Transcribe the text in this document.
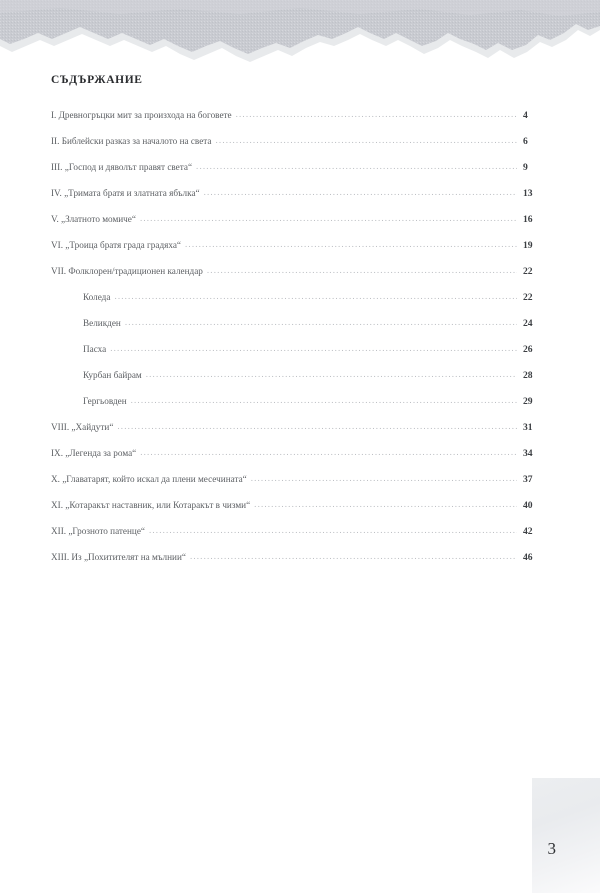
СЪДЪРЖАНИЕ
I. Древногръцки мит за произхода на боговете .....	4
II. Библейски разказ за началото на света .....	6
III. „Господ и дяволът правят света“ .....	9
IV. „Тримата братя и златната ябълка“ .....	13
V. „Златното момиче“ .....	16
VI. „Троица братя града градяха“ .....	19
VII. Фолклорен/традиционен календар .....	22
Коледа .....	22
Великден .....	24
Пасха .....	26
Курбан байрам .....	28
Гергьовден .....	29
VIII. „Хайдути“ .....	31
IX. „Легенда за рома“ .....	34
X. „Главатарят, който искал да плени месечината“ .....	37
XI. „Котаракът наставник, или Котаракът в чизми“ .....	40
XII. „Грозното патенце“ .....	42
XIII. Из „Похитителят на мълнии“ .....	46
3
